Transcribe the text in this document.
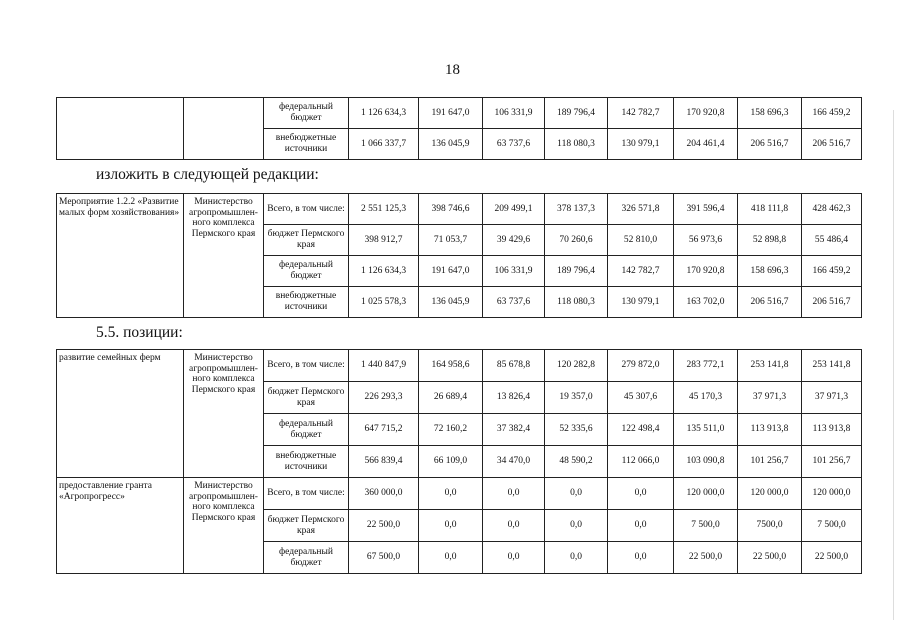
18
		федеральный бюджет	1 126 634,3	191 647,0	106 331,9	189 796,4	142 782,7	170 920,8	158 696,3	166 459,2
		внебюджетные источники	1 066 337,7	136 045,9	63 737,6	118 080,3	130 979,1	204 461,4	206 516,7	206 516,7
изложить в следующей редакции:
Мероприятие 1.2.2 «Развитие малых форм хозяйствования»	Министерство агропромышлен-ного комплекса Пермского края	Всего, в том числе:	2 551 125,3	398 746,6	209 499,1	378 137,3	326 571,8	391 596,4	418 111,8	428 462,3
		бюджет Пермского края	398 912,7	71 053,7	39 429,6	70 260,6	52 810,0	56 973,6	52 898,8	55 486,4
		федеральный бюджет	1 126 634,3	191 647,0	106 331,9	189 796,4	142 782,7	170 920,8	158 696,3	166 459,2
		внебюджетные источники	1 025 578,3	136 045,9	63 737,6	118 080,3	130 979,1	163 702,0	206 516,7	206 516,7
5.5. позиции:
развитие семейных ферм	Министерство агропромышлен-ного комплекса Пермского края	Всего, в том числе:	1 440 847,9	164 958,6	85 678,8	120 282,8	279 872,0	283 772,1	253 141,8	253 141,8
		бюджет Пермского края	226 293,3	26 689,4	13 826,4	19 357,0	45 307,6	45 170,3	37 971,3	37 971,3
		федеральный бюджет	647 715,2	72 160,2	37 382,4	52 335,6	122 498,4	135 511,0	113 913,8	113 913,8
		внебюджетные источники	566 839,4	66 109,0	34 470,0	48 590,2	112 066,0	103 090,8	101 256,7	101 256,7
предоставление гранта «Агропрогресс»	Министерство агропромышлен-ного комплекса Пермского края	Всего, в том числе:	360 000,0	0,0	0,0	0,0	0,0	120 000,0	120 000,0	120 000,0
		бюджет Пермского края	22 500,0	0,0	0,0	0,0	0,0	7 500,0	7500,0	7 500,0
		федеральный бюджет	67 500,0	0,0	0,0	0,0	0,0	22 500,0	22 500,0	22 500,0
